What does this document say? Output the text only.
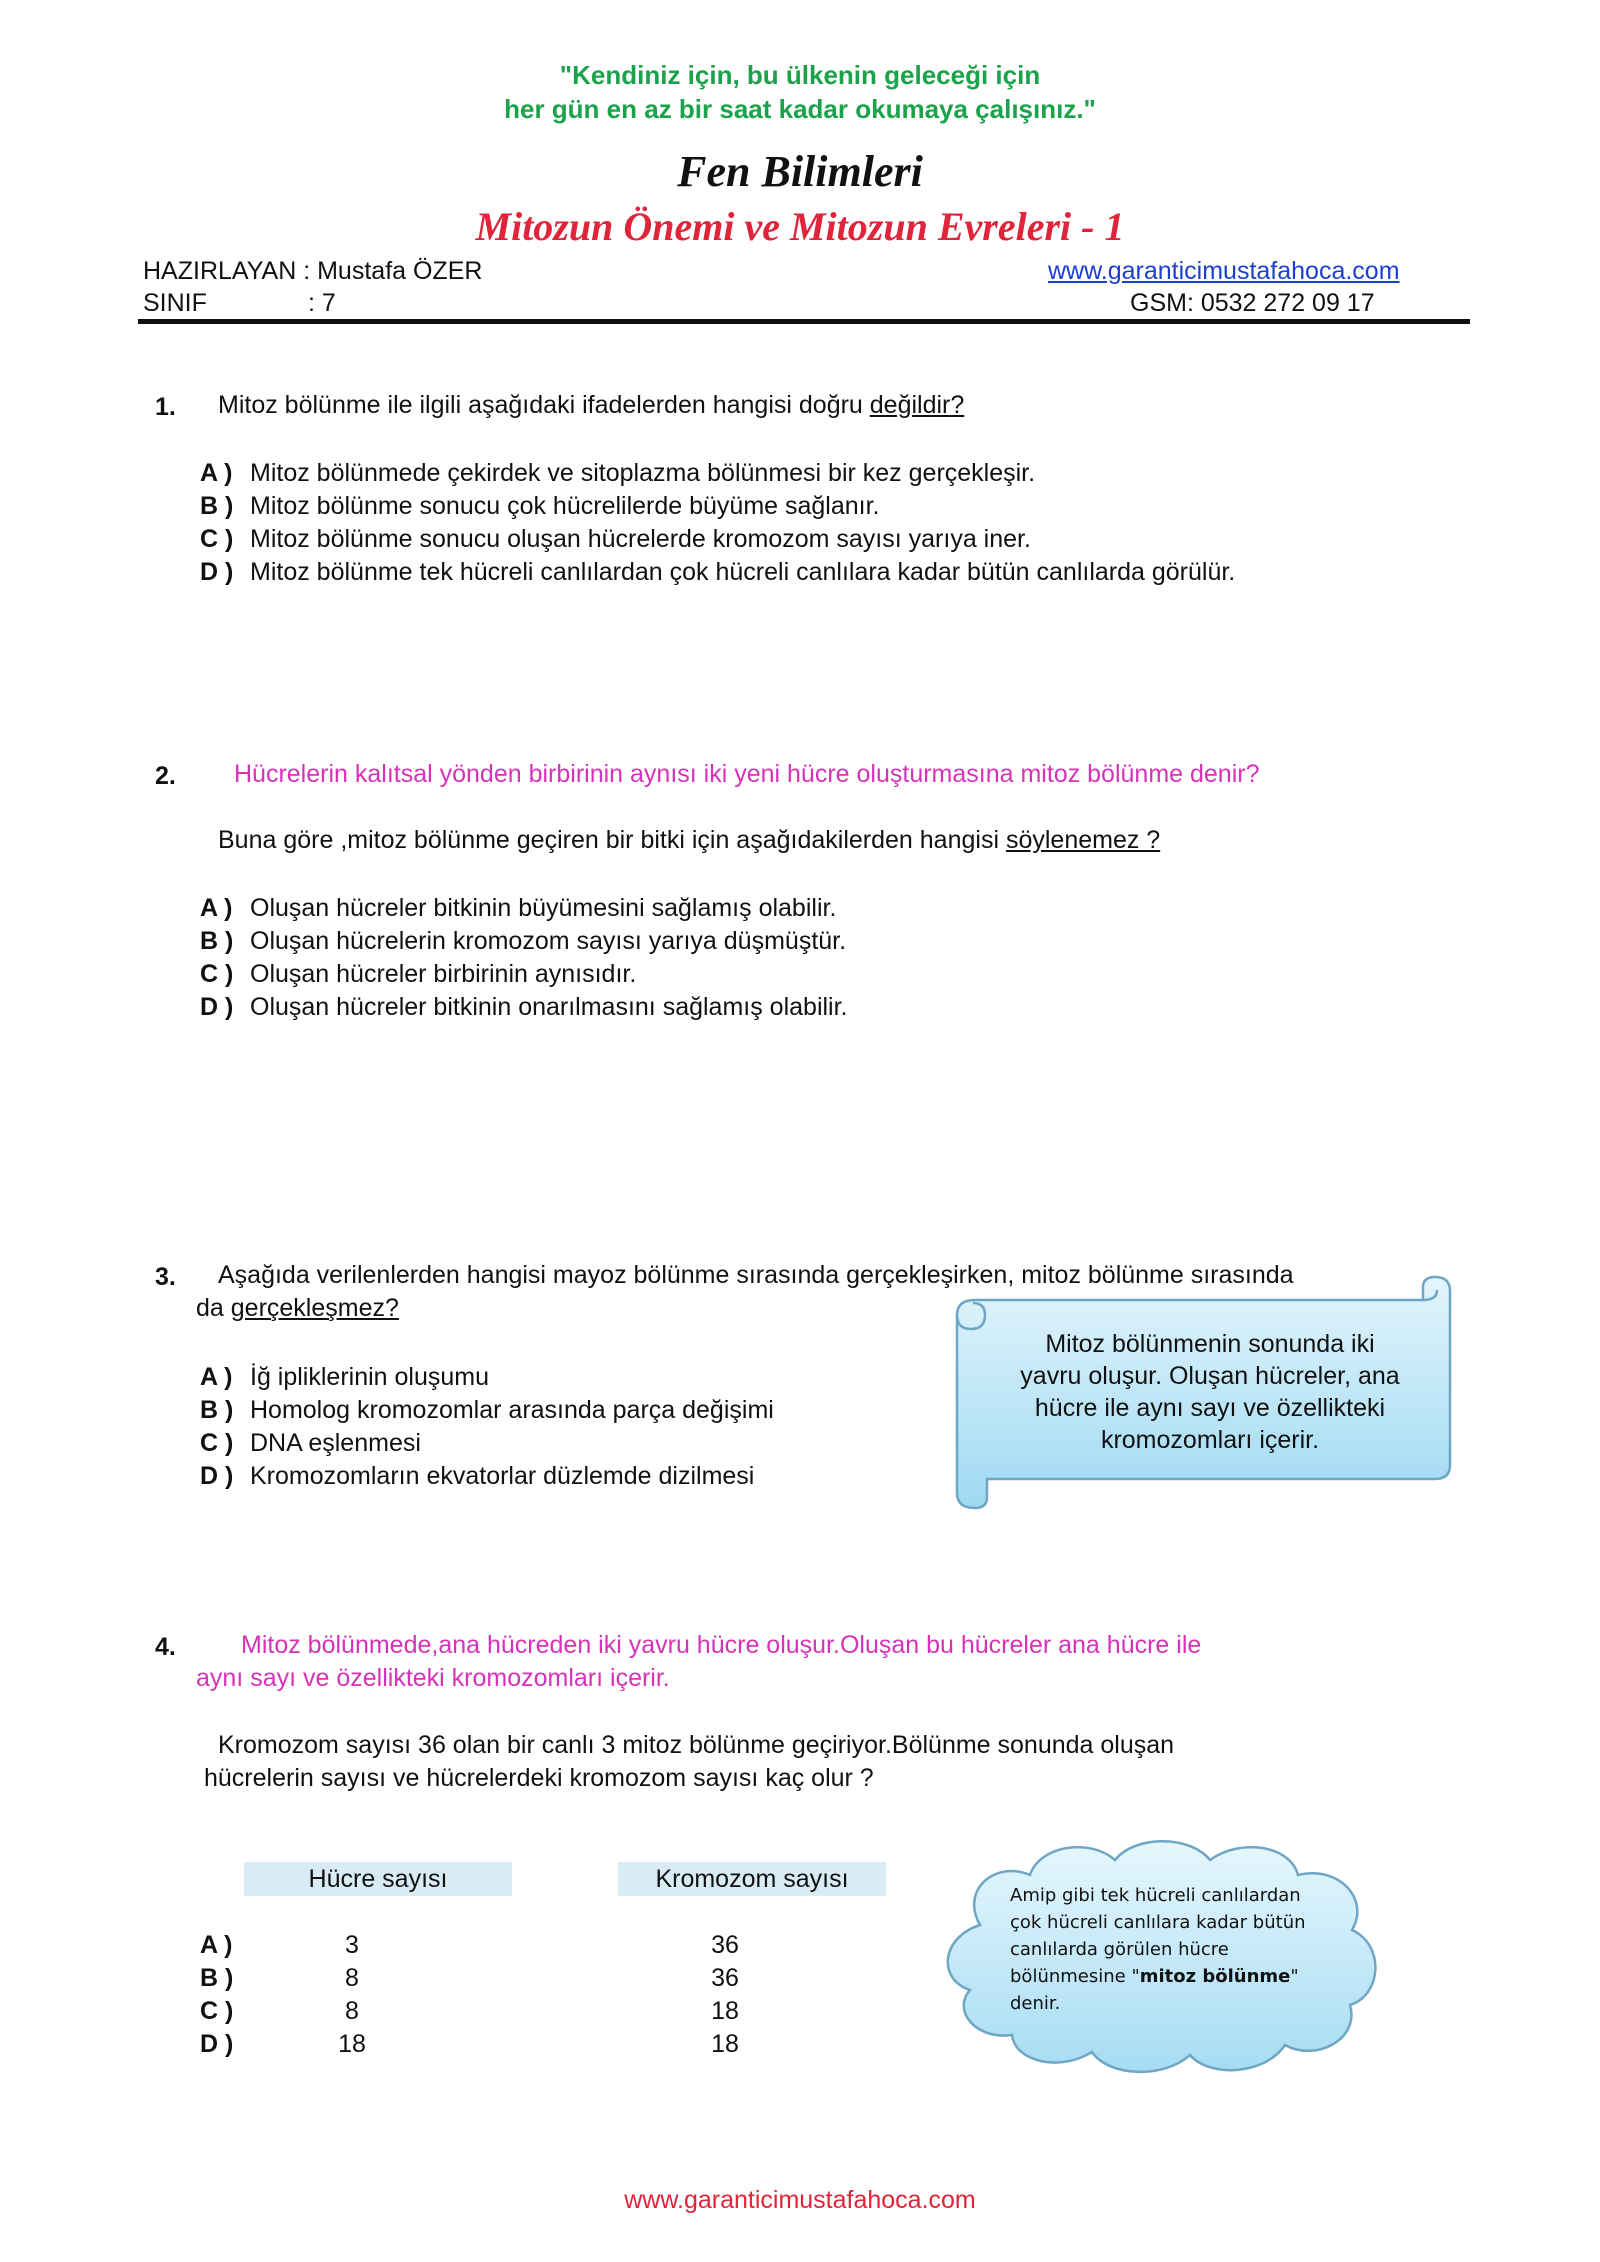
"Kendiniz için, bu ülkenin geleceği için
her gün en az bir saat kadar okumaya çalışınız."
Fen Bilimleri
Mitozun Önemi ve Mitozun Evreleri - 1
HAZIRLAYAN : Mustafa ÖZER	www.garanticimustafahoca.com
SINIF	: 7	GSM: 0532 272 09 17
1. Mitoz bölünme ile ilgili aşağıdaki ifadelerden hangisi doğru değildir?
A ) Mitoz bölünmede çekirdek ve sitoplazma bölünmesi bir kez gerçekleşir.
B ) Mitoz bölünme sonucu çok hücrelilerde büyüme sağlanır.
C ) Mitoz bölünme sonucu oluşan hücrelerde kromozom sayısı yarıya iner.
D ) Mitoz bölünme tek hücreli canlılardan çok hücreli canlılara kadar bütün canlılarda görülür.
2. Hücrelerin kalıtsal yönden birbirinin aynısı iki yeni hücre oluşturmasına mitoz bölünme denir?
Buna göre ,mitoz bölünme geçiren bir bitki için aşağıdakilerden hangisi söylenemez ?
A ) Oluşan hücreler bitkinin büyümesini sağlamış olabilir.
B ) Oluşan hücrelerin kromozom sayısı yarıya düşmüştür.
C ) Oluşan hücreler birbirinin aynısıdır.
D ) Oluşan hücreler bitkinin onarılmasını sağlamış olabilir.
3. Aşağıda verilenlerden hangisi mayoz bölünme sırasında gerçekleşirken, mitoz bölünme sırasında
da gerçekleşmez?
A ) İğ ipliklerinin oluşumu
B ) Homolog kromozomlar arasında parça değişimi
C ) DNA eşlenmesi
D ) Kromozomların ekvatorlar düzlemde dizilmesi
Mitoz bölünmenin sonunda iki
yavru oluşur. Oluşan hücreler, ana
hücre ile aynı sayı ve özellikteki
kromozomları içerir.
4.	Mitoz bölünmede,ana hücreden iki yavru hücre oluşur.Oluşan bu hücreler ana hücre ile
aynı sayı ve özellikteki kromozomları içerir.
Kromozom sayısı 36 olan bir canlı 3 mitoz bölünme geçiriyor.Bölünme sonunda oluşan
hücrelerin sayısı ve hücrelerdeki kromozom sayısı kaç olur ?
Hücre sayısı	Kromozom sayısı
A )	3	36
B )	8	36
C )	8	18
D )	18	18
Amip gibi tek hücreli canlılardan
çok hücreli canlılara kadar bütün
canlılarda görülen hücre
bölünmesine "mitoz bölünme"
denir.
www.garanticimustafahoca.com
